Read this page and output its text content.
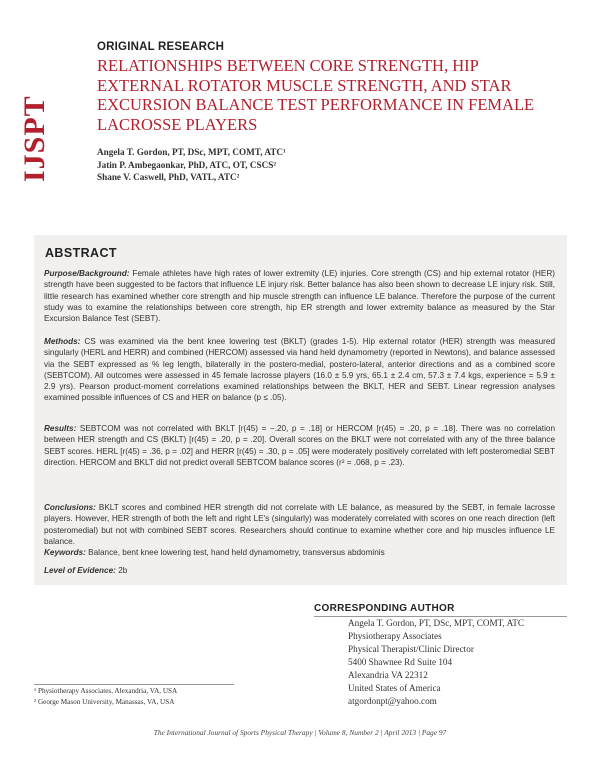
IJSPT
ORIGINAL RESEARCH
RELATIONSHIPS BETWEEN CORE STRENGTH, HIP EXTERNAL ROTATOR MUSCLE STRENGTH, AND STAR EXCURSION BALANCE TEST PERFORMANCE IN FEMALE LACROSSE PLAYERS
Angela T. Gordon, PT, DSc, MPT, COMT, ATC¹
Jatin P. Ambegaonkar, PhD, ATC, OT, CSCS²
Shane V. Caswell, PhD, VATL, ATC²
ABSTRACT
Purpose/Background: Female athletes have high rates of lower extremity (LE) injuries. Core strength (CS) and hip external rotator (HER) strength have been suggested to be factors that influence LE injury risk. Better balance has also been shown to decrease LE injury risk. Still, little research has examined whether core strength and hip muscle strength can influence LE balance. Therefore the purpose of the current study was to examine the relationships between core strength, hip ER strength and lower extremity balance as measured by the Star Excursion Balance Test (SEBT).
Methods: CS was examined via the bent knee lowering test (BKLT) (grades 1-5). Hip external rotator (HER) strength was measured singularly (HERL and HERR) and combined (HERCOM) assessed via hand held dynamometry (reported in Newtons), and balance assessed via the SEBT expressed as % leg length, bilaterally in the postero-medial, postero-lateral, anterior directions and as a combined score (SEBTCOM). All outcomes were assessed in 45 female lacrosse players (16.0 ± 5.9 yrs, 65.1 ± 2.4 cm, 57.3 ± 7.4 kgs, experience = 5.9 ± 2.9 yrs). Pearson product-moment correlations examined relationships between the BKLT, HER and SEBT. Linear regression analyses examined possible influences of CS and HER on balance (p ≤ .05).
Results: SEBTCOM was not correlated with BKLT [r(45) = −.20, p = .18] or HERCOM [r(45) = .20, p = .18]. There was no correlation between HER strength and CS (BKLT) [r(45) = .20, p = .20]. Overall scores on the BKLT were not correlated with any of the three balance SEBT scores. HERL [r(45) = .36, p = .02] and HERR [r(45) = .30, p = .05] were moderately positively correlated with left posteromedial SEBT direction. HERCOM and BKLT did not predict overall SEBTCOM balance scores (r² = .068, p = .23).
Conclusions: BKLT scores and combined HER strength did not correlate with LE balance, as measured by the SEBT, in female lacrosse players. However, HER strength of both the left and right LE's (singularly) was moderately correlated with scores on one reach direction (left posteromedial) but not with combined SEBT scores. Researchers should continue to examine whether core and hip muscles influence LE balance.
Keywords: Balance, bent knee lowering test, hand held dynamometry, transversus abdominis
Level of Evidence: 2b
CORRESPONDING AUTHOR
Angela T. Gordon, PT, DSc, MPT, COMT, ATC
Physiotherapy Associates
Physical Therapist/Clinic Director
5400 Shawnee Rd Suite 104
Alexandria VA 22312
United States of America
atgordonpt@yahoo.com
¹ Physiotherapy Associates, Alexandria, VA, USA
² George Mason University, Manassas, VA, USA
The International Journal of Sports Physical Therapy | Volume 8, Number 2 | April 2013 | Page 97
